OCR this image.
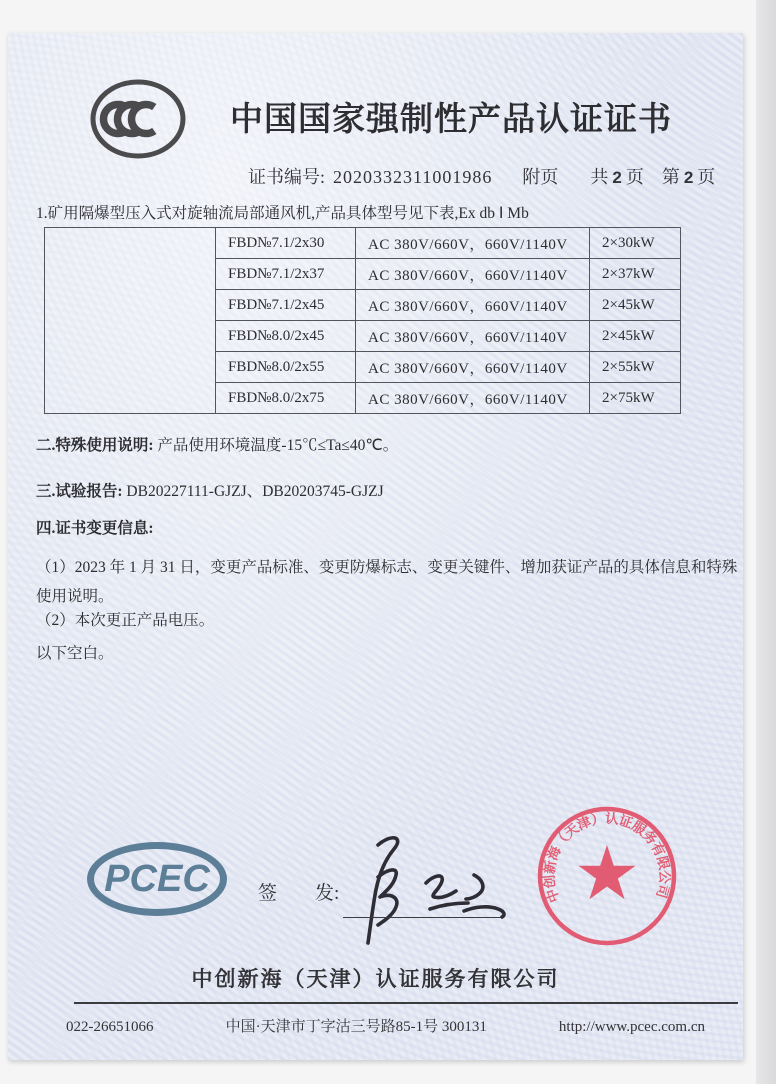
中国国家强制性产品认证证书
证书编号: 2020332311001986 附页 共 2 页 第 2 页
1.矿用隔爆型压入式对旋轴流局部通风机,产品具体型号见下表,Ex db Ⅰ Mb
	FBD№7.1/2x30	AC 380V/660V，660V/1140V	2×30kW
	FBD№7.1/2x37	AC 380V/660V，660V/1140V	2×37kW
	FBD№7.1/2x45	AC 380V/660V，660V/1140V	2×45kW
	FBD№8.0/2x45	AC 380V/660V，660V/1140V	2×45kW
	FBD№8.0/2x55	AC 380V/660V，660V/1140V	2×55kW
	FBD№8.0/2x75	AC 380V/660V，660V/1140V	2×75kW
二.特殊使用说明: 产品使用环境温度-15℃≤Ta≤40℃。
三.试验报告: DB20227111-GJZJ、DB20203745-GJZJ
四.证书变更信息:
（1）2023 年 1 月 31 日，变更产品标准、变更防爆标志、变更关键件、增加获证产品的具体信息和特殊使用说明。
（2）本次更正产品电压。
以下空白。
PCEC	签　　发:	中创新海（天津）认证服务有限公司
中创新海（天津）认证服务有限公司
022-26651066	中国·天津市丁字沽三号路85-1号 300131	http://www.pcec.com.cn
